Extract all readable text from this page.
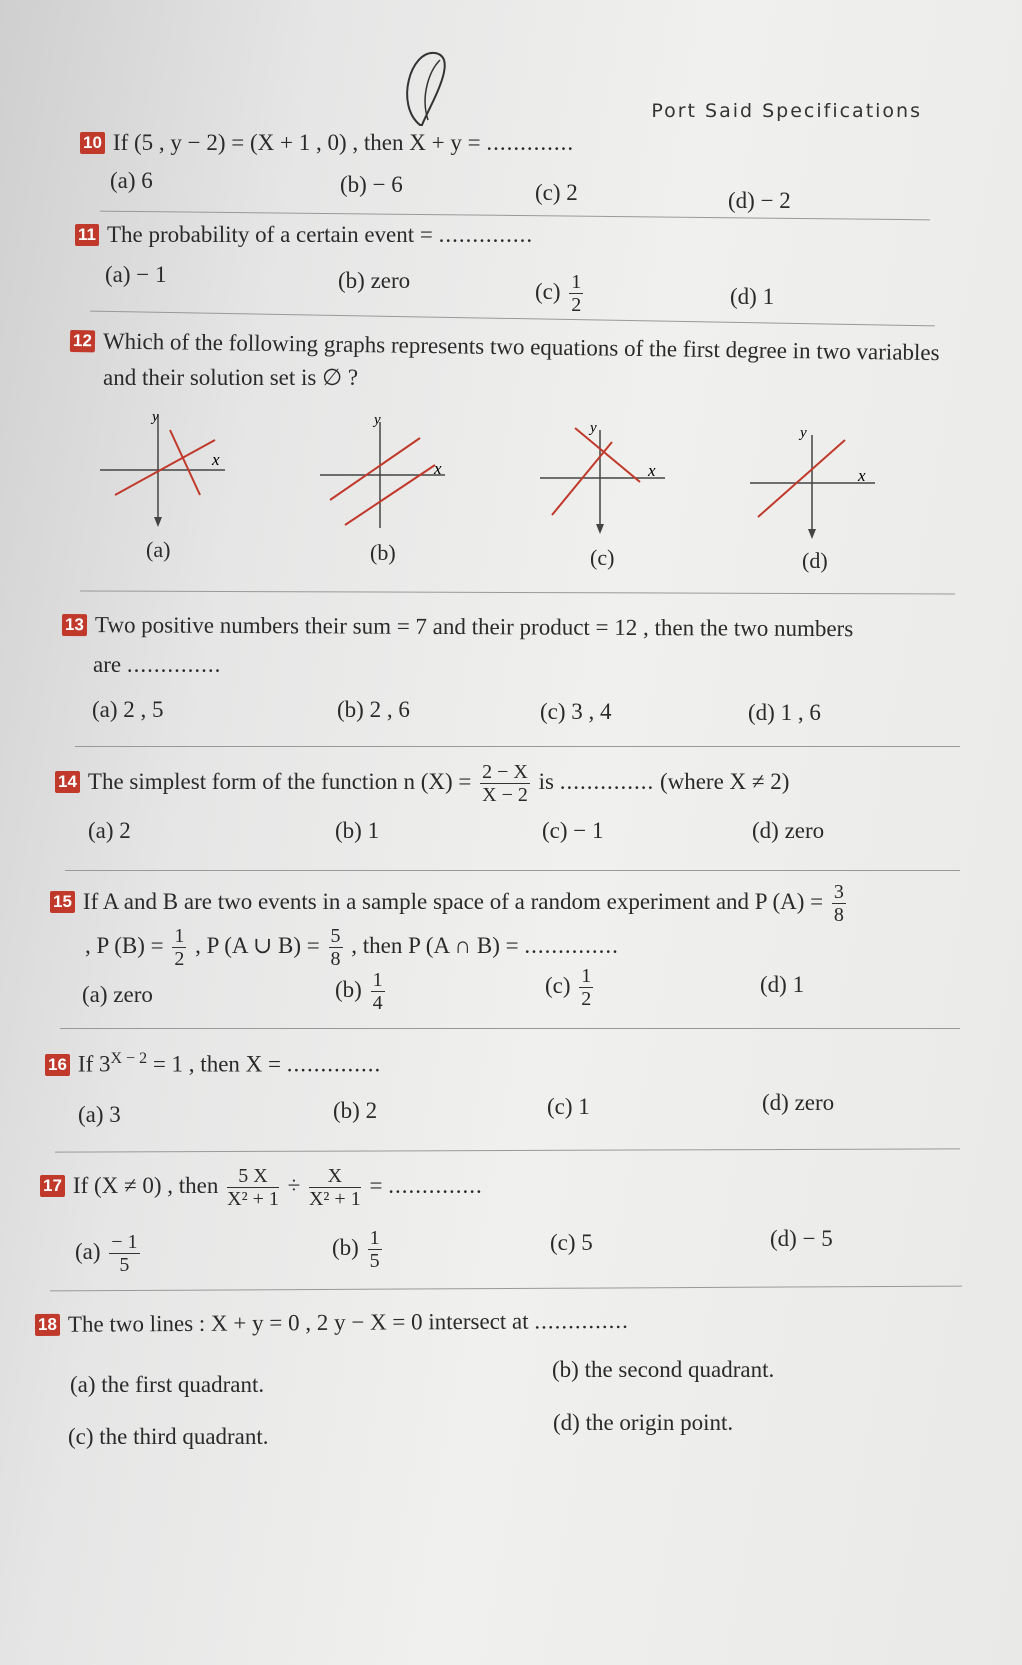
Port Said Specifications
10 If (5 , y − 2) = (X + 1 , 0) , then X + y = .............
(a) 6	(b) − 6	(c) 2	(d) − 2
11 The probability of a certain event = ..............
(a) − 1	(b) zero	$(c) \frac{1}{2}$	(d) 1
12 Which of the following graphs represents two equations of the first degree in two variables
and their solution set is ∅ ?
y
x
(a)
y
x
(b)
y
x
(c)
y
x
(d)
13 Two positive numbers their sum = 7 and their product = 12 , then the two numbers
are ..............
(a) 2 , 5	(b) 2 , 6	(c) 3 , 4	(d) 1 , 6
14 The simplest form of the function n $(X) = \frac{2 - X}{X - 2}$ is .............. (where X ≠ 2)
(a) 2	(b) 1	(c) − 1	(d) zero
15 If A and B are two events in a sample space of a random experiment and P $(A) = \frac{3}{8}$
, P $(B) = \frac{1}{2}$ , P (A ∪ $B) = \frac{5}{8}$ , then P (A ∩ B) = ..............
(a) zero	$(b) \frac{1}{4}$	$(c) \frac{1}{2}$	(d) 1
16 If $3^{X - 2} = 1$ , then X = ..............
(a) 3	(b) 2	(c) 1	(d) zero
17 If (X ≠ 0) , then $\frac{5 X}{\text{X² + 1}} \div \frac{X}{\text{X² + 1}}$ = ..............
$(a) \frac{- 1}{5}$	$(b) \frac{1}{5}$	(c) 5	(d) − 5
18 The two lines : X + y = 0 , 2 y − X = 0 intersect at ..............
(a) the first quadrant.
(b) the second quadrant.
(c) the third quadrant.
(d) the origin point.
